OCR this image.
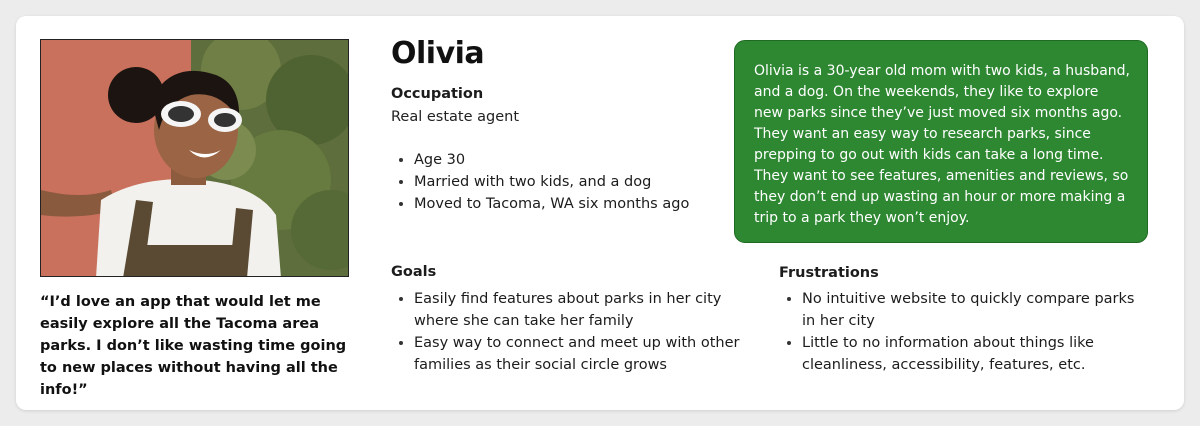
“I’d love an app that would let me easily explore all the Tacoma area parks. I don’t like wasting time going to new places without having all the info!”
Olivia
Occupation
Real estate agent
Age 30
Married with two kids, and a dog
Moved to Tacoma, WA six months ago
Olivia is a 30-year old mom with two kids, a husband, and a dog. On the weekends, they like to explore new parks since they’ve just moved six months ago. They want an easy way to research parks, since prepping to go out with kids can take a long time. They want to see features, amenities and reviews, so they don’t end up wasting an hour or more making a trip to a park they won’t enjoy.
Goals
Easily find features about parks in her city where she can take her family
Easy way to connect and meet up with other families as their social circle grows
Frustrations
No intuitive website to quickly compare parks in her city
Little to no information about things like cleanliness, accessibility, features, etc.
